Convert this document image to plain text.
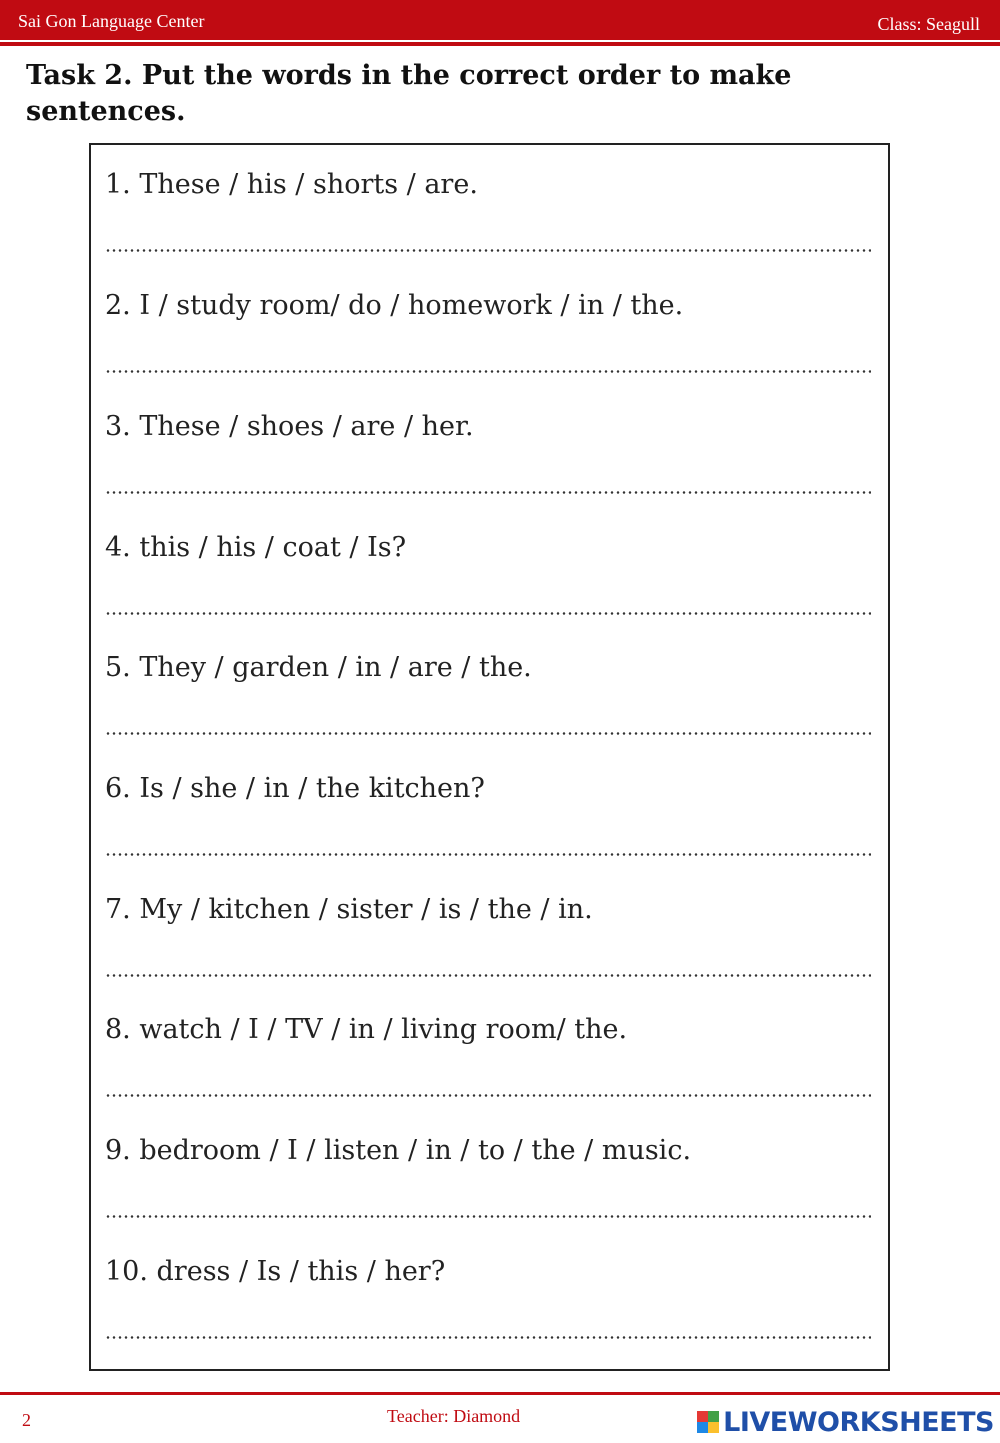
Sai Gon Language Center	Class: Seagull
Task 2. Put the words in the correct order to make sentences.
1. These / his / shorts / are.
2. I / study room/ do / homework / in / the.
3. These / shoes / are / her.
4. this / his / coat / Is?
5. They / garden / in / are / the.
6. Is / she / in / the kitchen?
7. My / kitchen / sister / is / the / in.
8. watch / I / TV / in / living room/ the.
9. bedroom / I / listen / in / to / the / music.
10. dress / Is / this / her?
2	Teacher: Diamond	LIVEWORKSHEETS
